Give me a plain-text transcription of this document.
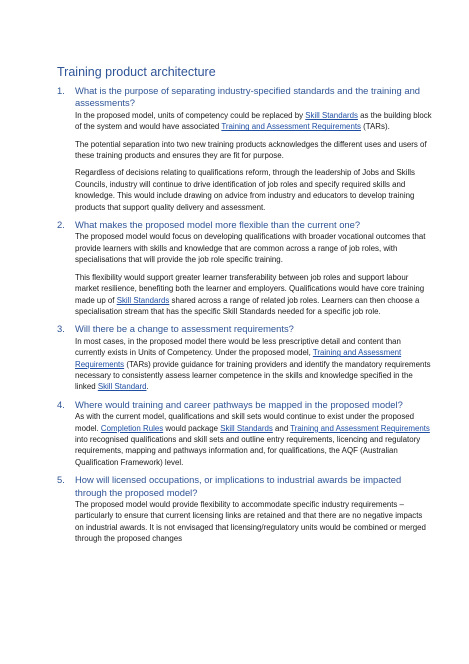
Training product architecture
1.	What is the purpose of separating industry-specified standards and the training and assessments?

In the proposed model, units of competency could be replaced by Skill Standards as the building block of the system and would have associated Training and Assessment Requirements (TARs).

The potential separation into two new training products acknowledges the different uses and users of these training products and ensures they are fit for purpose.

Regardless of decisions relating to qualifications reform, through the leadership of Jobs and Skills Councils, industry will continue to drive identification of job roles and specify required skills and knowledge. This would include drawing on advice from industry and educators to develop training products that support quality delivery and assessment.

2.	What makes the proposed model more flexible than the current one?

The proposed model would focus on developing qualifications with broader vocational outcomes that provide learners with skills and knowledge that are common across a range of job roles, with specialisations that will provide the job role specific training.

This flexibility would support greater learner transferability between job roles and support labour market resilience, benefiting both the learner and employers. Qualifications would have core training made up of Skill Standards shared across a range of related job roles. Learners can then choose a specialisation stream that has the specific Skill Standards needed for a specific job role.

3.	Will there be a change to assessment requirements?

In most cases, in the proposed model there would be less prescriptive detail and content than currently exists in Units of Competency. Under the proposed model, Training and Assessment Requirements (TARs) provide guidance for training providers and identify the mandatory requirements necessary to consistently assess learner competence in the skills and knowledge specified in the linked Skill Standard.

4.	Where would training and career pathways be mapped in the proposed model?

As with the current model, qualifications and skill sets would continue to exist under the proposed model. Completion Rules would package Skill Standards and Training and Assessment Requirements into recognised qualifications and skill sets and outline entry requirements, licencing and regulatory requirements, mapping and pathways information and, for qualifications, the AQF (Australian Qualification Framework) level.

5.	How will licensed occupations, or implications to industrial awards be impacted through the proposed model?

The proposed model would provide flexibility to accommodate specific industry requirements – particularly to ensure that current licensing links are retained and that there are no negative impacts on industrial awards. It is not envisaged that licensing/regulatory units would be combined or merged through the proposed changes
